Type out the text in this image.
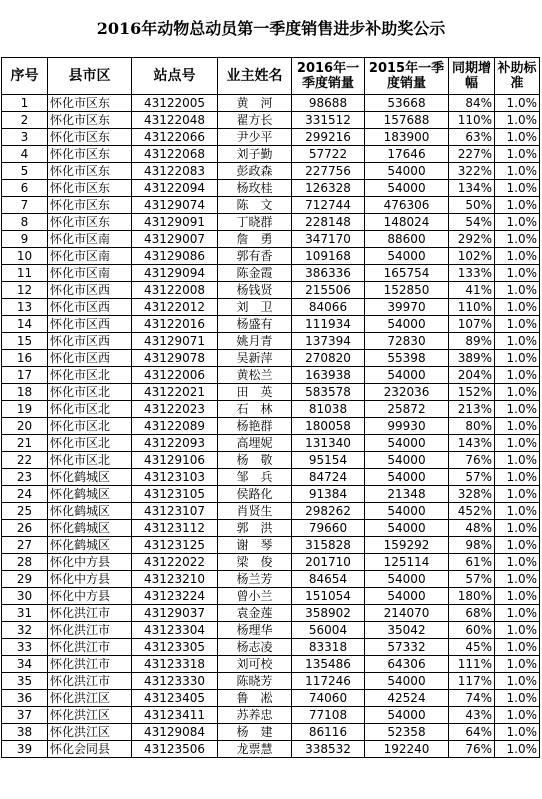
2016年动物总动员第一季度销售进步补助奖公示
序号	县市区	站点号	业主姓名	2016年一季度销量	2015年一季度销量	同期增幅	补助标准
1	怀化市区东	43122005	黄　河	98688	53668	84%	1.0%
2	怀化市区东	43122048	翟方长	331512	157688	110%	1.0%
3	怀化市区东	43122066	尹少平	299216	183900	63%	1.0%
4	怀化市区东	43122068	刘子勤	57722	17646	227%	1.0%
5	怀化市区东	43122083	彭政森	227756	54000	322%	1.0%
6	怀化市区东	43122094	杨玫桂	126328	54000	134%	1.0%
7	怀化市区东	43129074	陈　文	712744	476306	50%	1.0%
8	怀化市区东	43129091	丁晓群	228148	148024	54%	1.0%
9	怀化市区南	43129007	詹　勇	347170	88600	292%	1.0%
10	怀化市区南	43129086	郭有香	109168	54000	102%	1.0%
11	怀化市区南	43129094	陈金霞	386336	165754	133%	1.0%
12	怀化市区西	43122008	杨钱贤	215506	152850	41%	1.0%
13	怀化市区西	43122012	刘　卫	84066	39970	110%	1.0%
14	怀化市区西	43122016	杨盛有	111934	54000	107%	1.0%
15	怀化市区西	43129071	姚月青	137394	72830	89%	1.0%
16	怀化市区西	43129078	吴新萍	270820	55398	389%	1.0%
17	怀化市区北	43122006	黄松兰	163938	54000	204%	1.0%
18	怀化市区北	43122021	田　英	583578	232036	152%	1.0%
19	怀化市区北	43122023	石　林	81038	25872	213%	1.0%
20	怀化市区北	43122089	杨艳群	180058	99930	80%	1.0%
21	怀化市区北	43122093	高埋妮	131340	54000	143%	1.0%
22	怀化市区北	43129106	杨　敬	95154	54000	76%	1.0%
23	怀化鹤城区	43123103	邹　兵	84724	54000	57%	1.0%
24	怀化鹤城区	43123105	侯路化	91384	21348	328%	1.0%
25	怀化鹤城区	43123107	肖贤生	298262	54000	452%	1.0%
26	怀化鹤城区	43123112	郭　洪	79660	54000	48%	1.0%
27	怀化鹤城区	43123125	谢　琴	315828	159292	98%	1.0%
28	怀化中方县	43122022	梁　俊	201710	125114	61%	1.0%
29	怀化中方县	43123210	杨兰芳	84654	54000	57%	1.0%
30	怀化中方县	43123224	曾小兰	151054	54000	180%	1.0%
31	怀化洪江市	43129037	袁金莲	358902	214070	68%	1.0%
32	怀化洪江市	43123304	杨理华	56004	35042	60%	1.0%
33	怀化洪江市	43123305	杨志凌	83318	57332	45%	1.0%
34	怀化洪江市	43123318	刘可校	135486	64306	111%	1.0%
35	怀化洪江市	43123330	陈晓芳	117246	54000	117%	1.0%
36	怀化洪江区	43123405	鲁　凇	74060	42524	74%	1.0%
37	怀化洪江区	43123411	苏养忠	77108	54000	43%	1.0%
38	怀化洪江区	43129084	杨　建	86116	52358	64%	1.0%
39	怀化会同县	43123506	龙票慧	338532	192240	76%	1.0%
